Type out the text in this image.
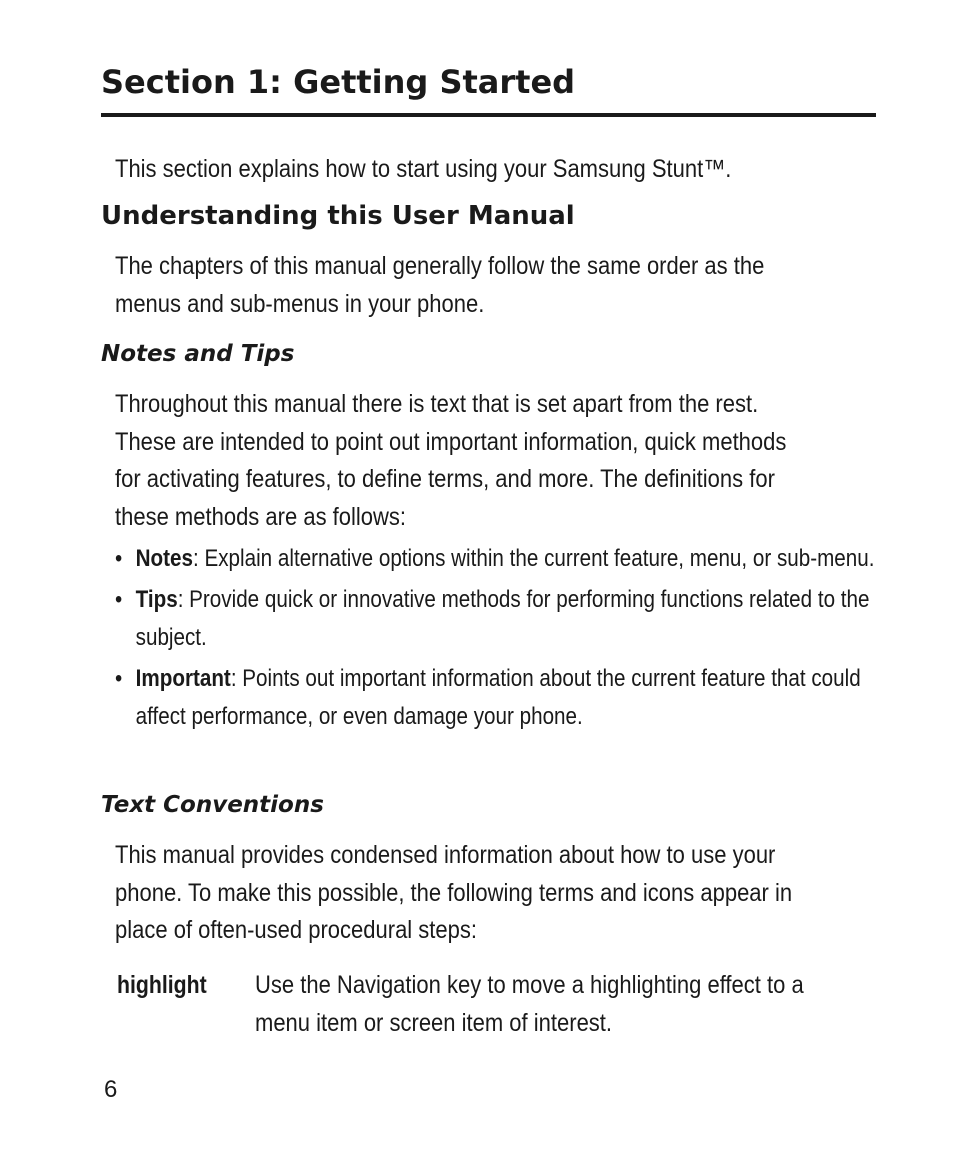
Section 1: Getting Started

This section explains how to start using your Samsung Stunt™.

Understanding this User Manual

The chapters of this manual generally follow the same order as the
menus and sub-menus in your phone.

Notes and Tips

Throughout this manual there is text that is set apart from the rest.
These are intended to point out important information, quick methods
for activating features, to define terms, and more. The definitions for
these methods are as follows:

• Notes: Explain alternative options within the current feature, menu, or sub-menu.
• Tips: Provide quick or innovative methods for performing functions related to the subject.
• Important: Points out important information about the current feature that could affect performance, or even damage your phone.
Text Conventions

This manual provides condensed information about how to use your
phone. To make this possible, the following terms and icons appear in
place of often-used procedural steps:

highlight Use the Navigation key to move a highlighting effect to a
menu item or screen item of interest.
6
